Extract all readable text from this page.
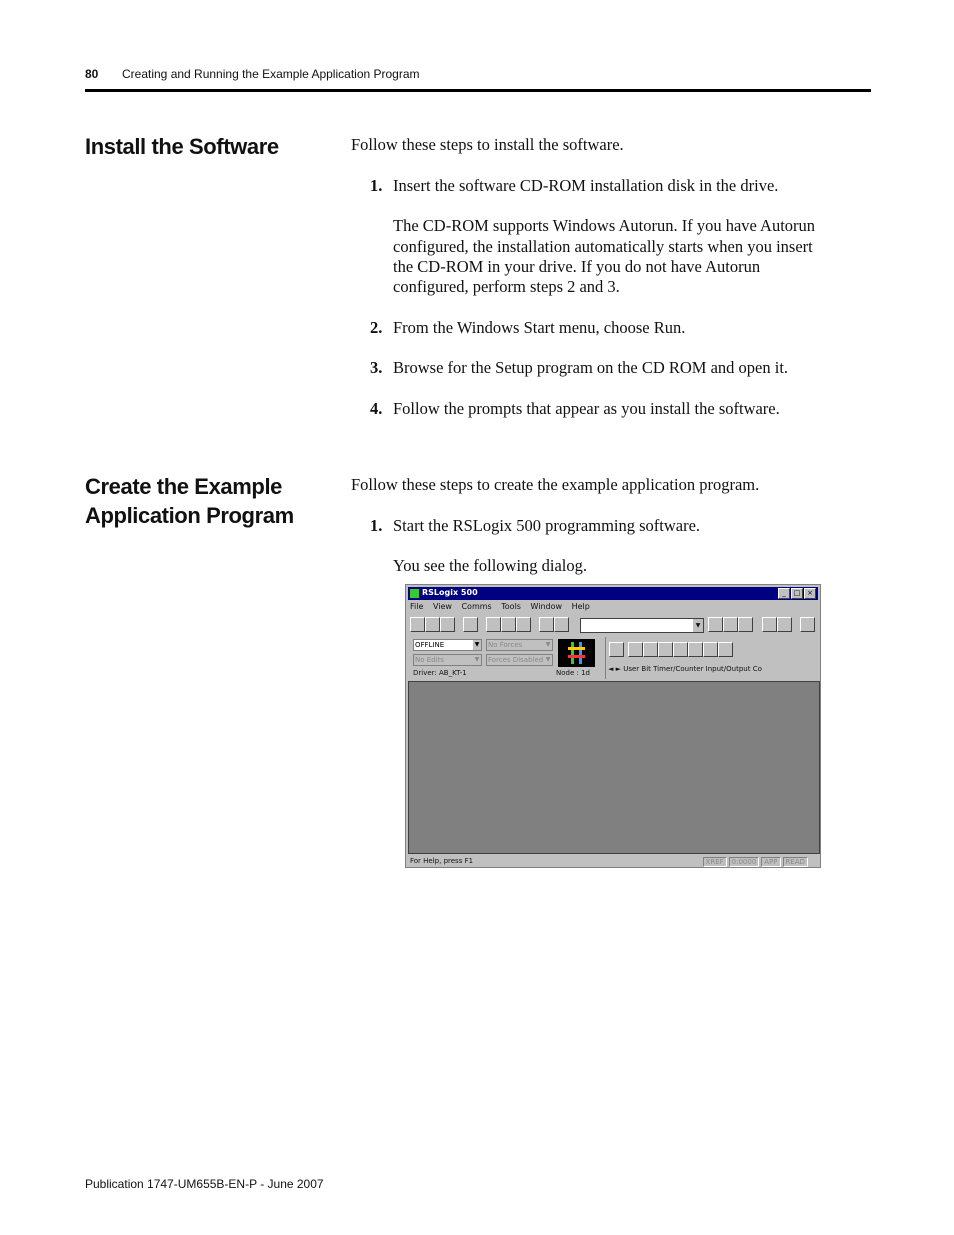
80 Creating and Running the Example Application Program
Install the Software	Follow these steps to install the software.
1. Insert the software CD-ROM installation disk in the drive.
The CD-ROM supports Windows Autorun. If you have Autorun
configured, the installation automatically starts when you insert
the CD-ROM in your drive. If you do not have Autorun
configured, perform steps 2 and 3.
2. From the Windows Start menu, choose Run.
3. Browse for the Setup program on the CD ROM and open it.
4. Follow the prompts that appear as you install the software.
Create the Example
Application Program
Follow these steps to create the example application program.
1. Start the RSLogix 500 programming software.
You see the following dialog.
RSLogix 500	_ □ ×
File View Comms Tools Window Help
▼
OFFLINE	▼ No Forces	▼
No Edits	▼ Forces Disabled ▼
Driver: AB_KT-1	Node : 1d	◄ ► User Bit Timer/Counter Input/Output Co
For Help, press F1	XREF 0:0000 APP READ
Publication 1747-UM655B-EN-P - June 2007
